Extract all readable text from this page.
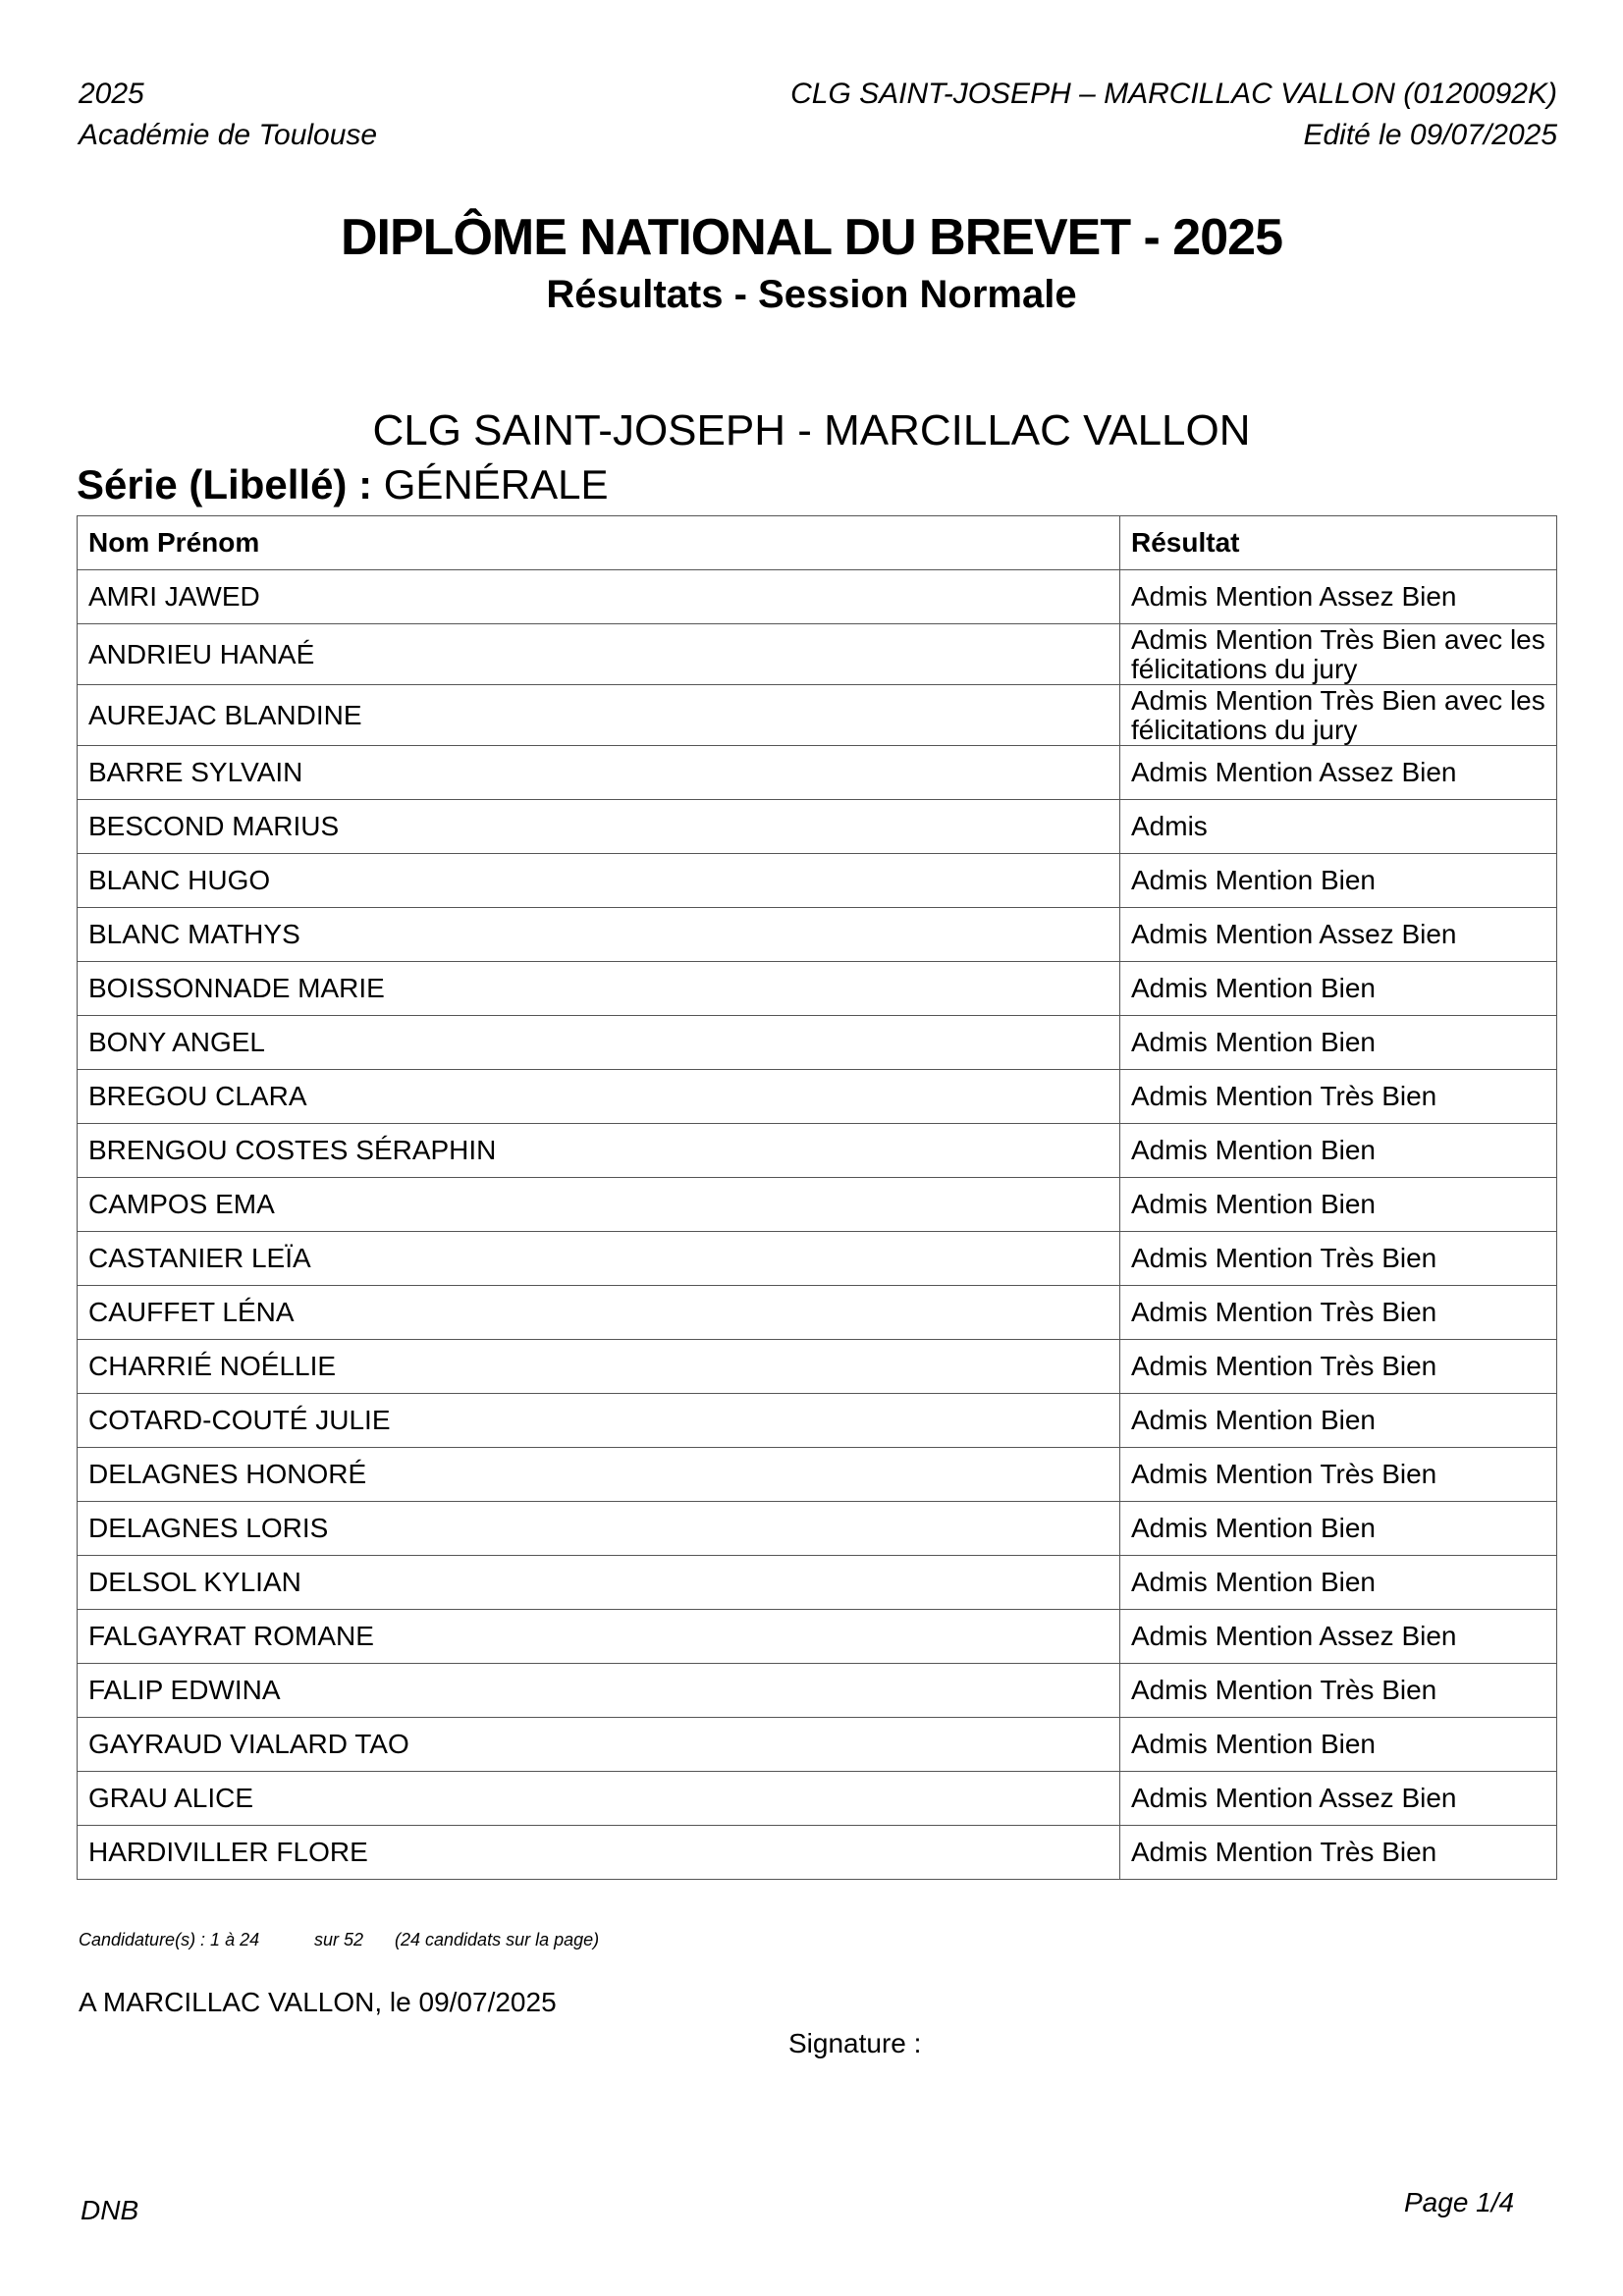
2025
Académie de Toulouse
CLG SAINT-JOSEPH – MARCILLAC VALLON (0120092K)
Edité le 09/07/2025
DIPLÔME NATIONAL DU BREVET - 2025
Résultats - Session Normale
CLG SAINT-JOSEPH - MARCILLAC VALLON
Série (Libellé) : GÉNÉRALE
Nom Prénom	Résultat
AMRI JAWED	Admis Mention Assez Bien
ANDRIEU HANAÉ	Admis Mention Très Bien avec les félicitations du jury
AUREJAC BLANDINE	Admis Mention Très Bien avec les félicitations du jury
BARRE SYLVAIN	Admis Mention Assez Bien
BESCOND MARIUS	Admis
BLANC HUGO	Admis Mention Bien
BLANC MATHYS	Admis Mention Assez Bien
BOISSONNADE MARIE	Admis Mention Bien
BONY ANGEL	Admis Mention Bien
BREGOU CLARA	Admis Mention Très Bien
BRENGOU COSTES SÉRAPHIN	Admis Mention Bien
CAMPOS EMA	Admis Mention Bien
CASTANIER LEÏA	Admis Mention Très Bien
CAUFFET LÉNA	Admis Mention Très Bien
CHARRIÉ NOÉLLIE	Admis Mention Très Bien
COTARD-COUTÉ JULIE	Admis Mention Bien
DELAGNES HONORÉ	Admis Mention Très Bien
DELAGNES LORIS	Admis Mention Bien
DELSOL KYLIAN	Admis Mention Bien
FALGAYRAT ROMANE	Admis Mention Assez Bien
FALIP EDWINA	Admis Mention Très Bien
GAYRAUD VIALARD TAO	Admis Mention Bien
GRAU ALICE	Admis Mention Assez Bien
HARDIVILLER FLORE	Admis Mention Très Bien
Candidature(s) : 1 à 24	sur 52 (24 candidats sur la page)
A MARCILLAC VALLON, le 09/07/2025
Signature :
DNB	Page 1/4
